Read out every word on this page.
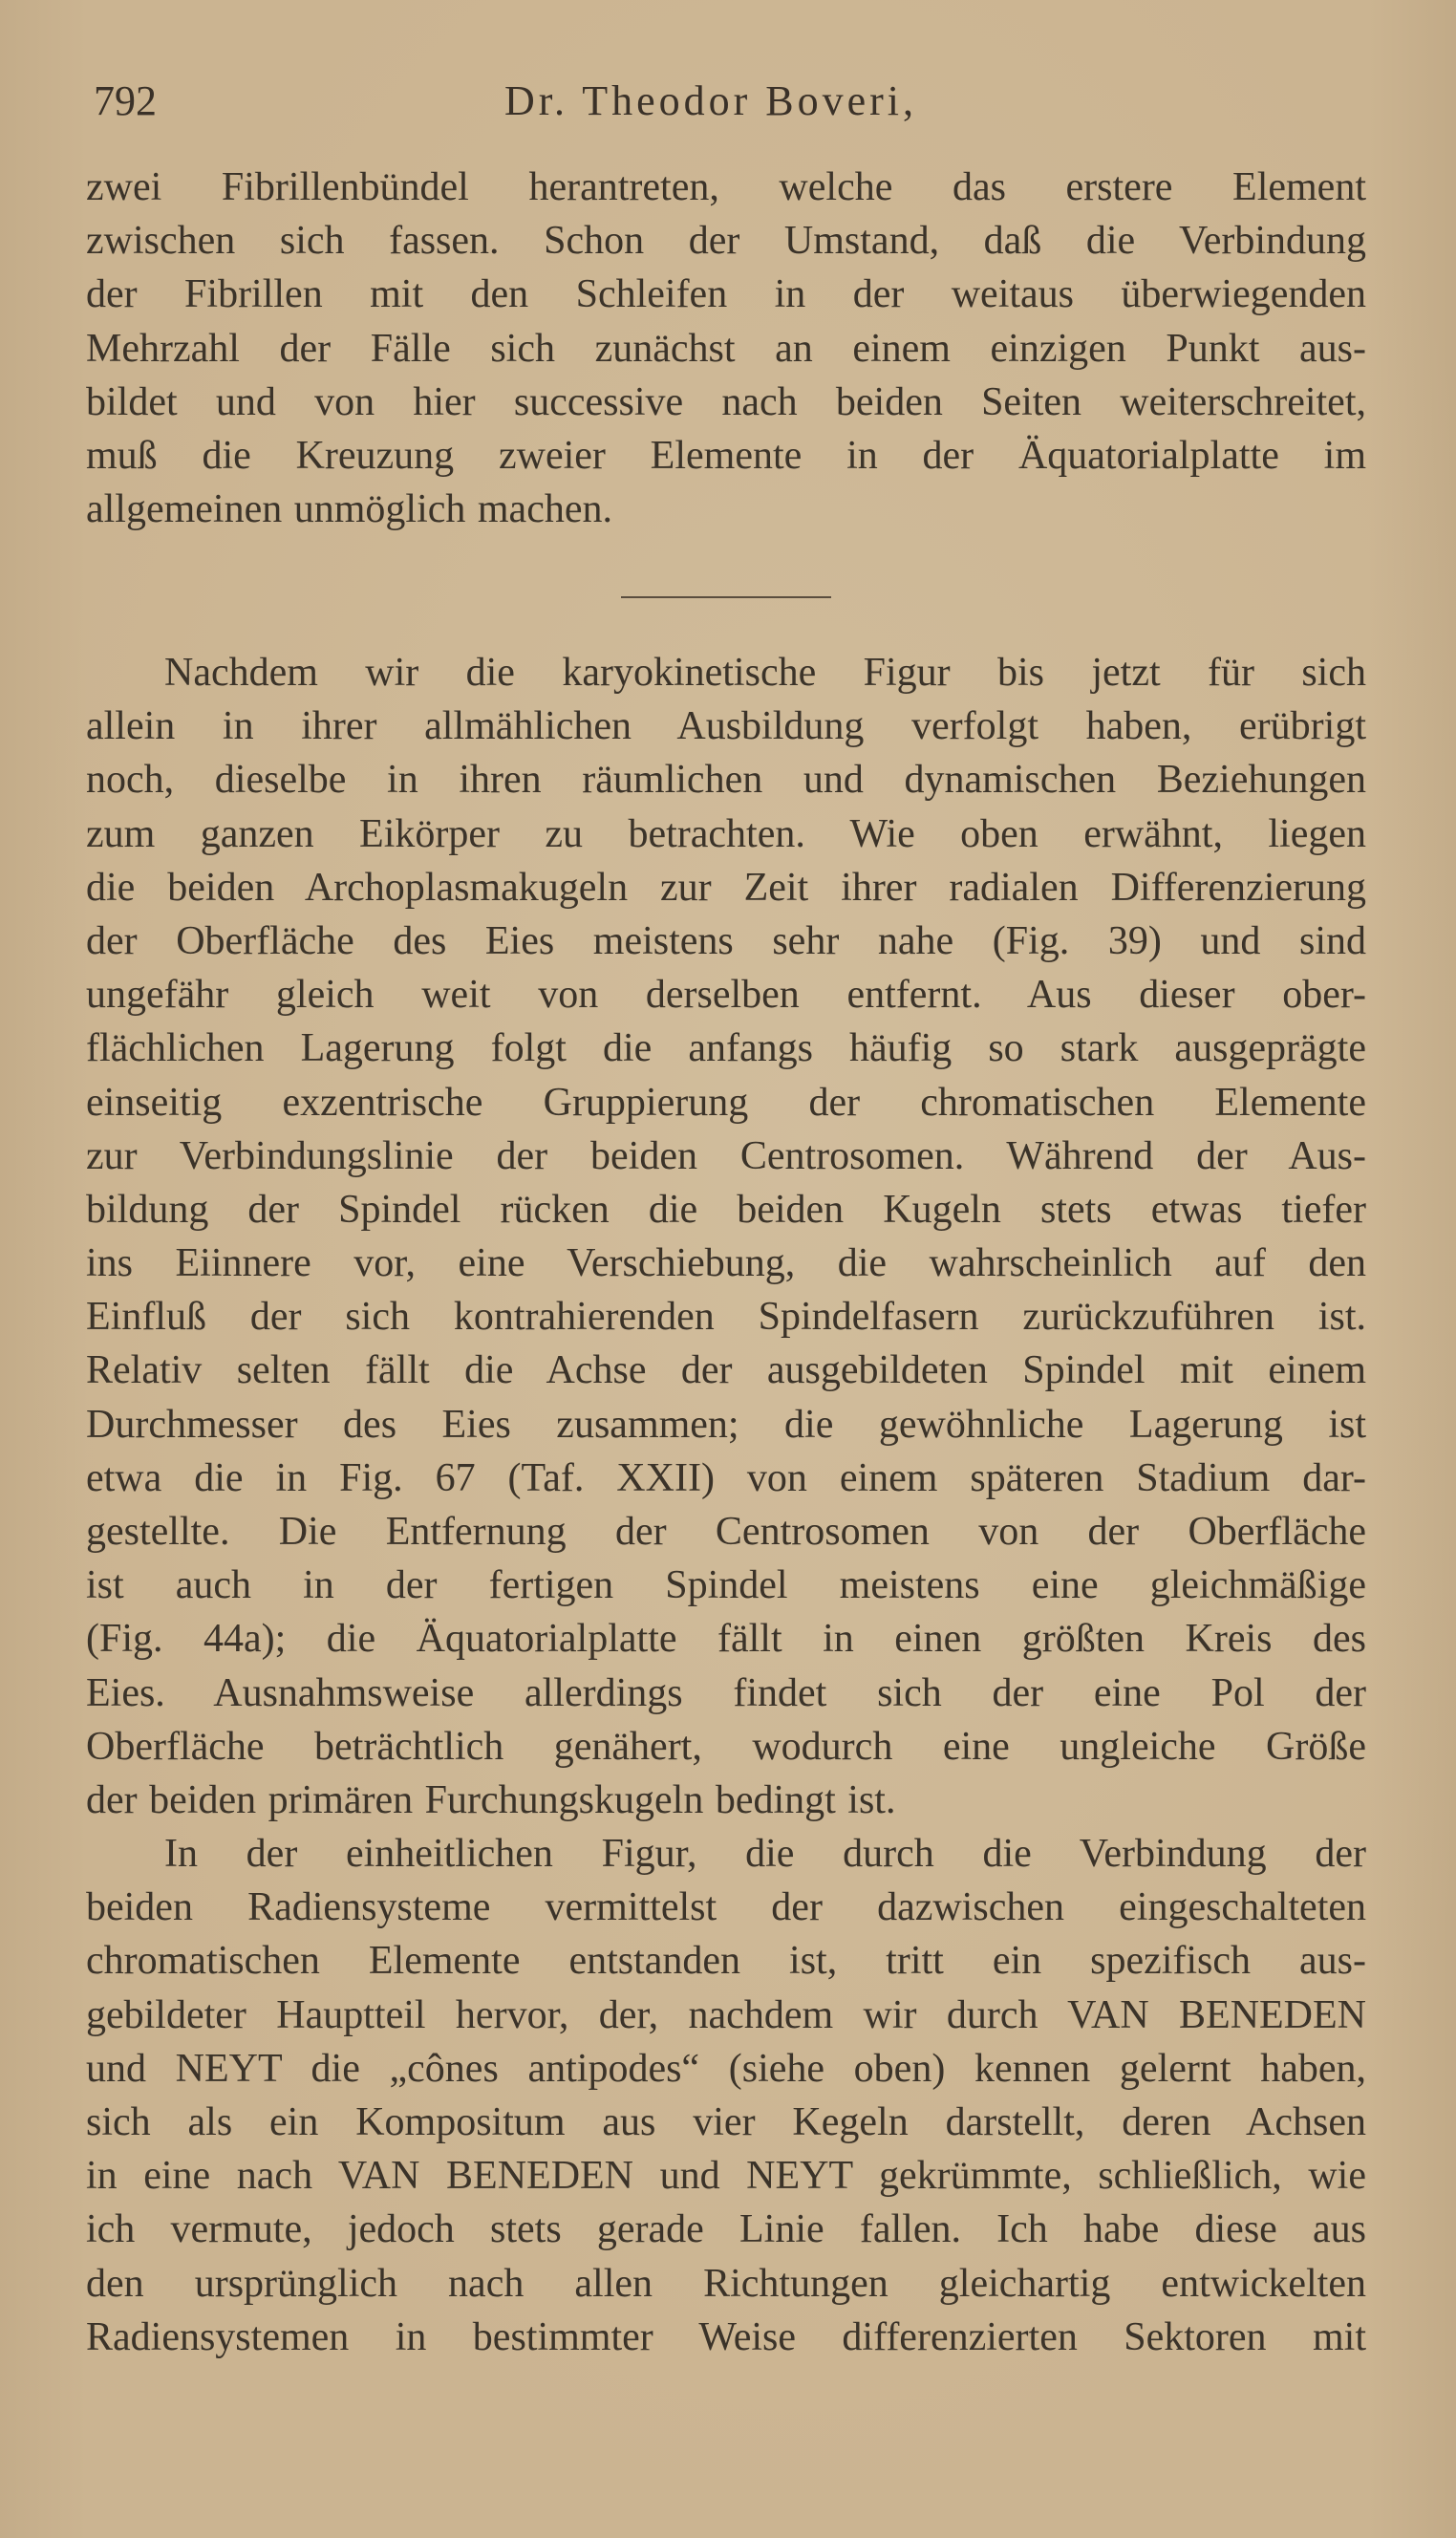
792	Dr. Theodor Boveri,
zwei Fibrillenbündel herantreten, welche das erstere Element
zwischen sich fassen. Schon der Umstand, daß die Verbindung
der Fibrillen mit den Schleifen in der weitaus überwiegenden
Mehrzahl der Fälle sich zunächst an einem einzigen Punkt aus-
bildet und von hier successive nach beiden Seiten weiterschreitet,
muß die Kreuzung zweier Elemente in der Äquatorialplatte im
allgemeinen unmöglich machen.
Nachdem wir die karyokinetische Figur bis jetzt für sich
allein in ihrer allmählichen Ausbildung verfolgt haben, erübrigt
noch, dieselbe in ihren räumlichen und dynamischen Beziehungen
zum ganzen Eikörper zu betrachten. Wie oben erwähnt, liegen
die beiden Archoplasmakugeln zur Zeit ihrer radialen Differenzierung
der Oberfläche des Eies meistens sehr nahe (Fig. 39) und sind
ungefähr gleich weit von derselben entfernt. Aus dieser ober-
flächlichen Lagerung folgt die anfangs häufig so stark ausgeprägte
einseitig exzentrische Gruppierung der chromatischen Elemente
zur Verbindungslinie der beiden Centrosomen. Während der Aus-
bildung der Spindel rücken die beiden Kugeln stets etwas tiefer
ins Eiinnere vor, eine Verschiebung, die wahrscheinlich auf den
Einfluß der sich kontrahierenden Spindelfasern zurückzuführen ist.
Relativ selten fällt die Achse der ausgebildeten Spindel mit einem
Durchmesser des Eies zusammen; die gewöhnliche Lagerung ist
etwa die in Fig. 67 (Taf. XXII) von einem späteren Stadium dar-
gestellte. Die Entfernung der Centrosomen von der Oberfläche
ist auch in der fertigen Spindel meistens eine gleichmäßige
(Fig. 44a); die Äquatorialplatte fällt in einen größten Kreis des
Eies. Ausnahmsweise allerdings findet sich der eine Pol der
Oberfläche beträchtlich genähert, wodurch eine ungleiche Größe
der beiden primären Furchungskugeln bedingt ist.
In der einheitlichen Figur, die durch die Verbindung der
beiden Radiensysteme vermittelst der dazwischen eingeschalteten
chromatischen Elemente entstanden ist, tritt ein spezifisch aus-
gebildeter Hauptteil hervor, der, nachdem wir durch VAN BENEDEN
und NEYT die „cônes antipodes“ (siehe oben) kennen gelernt haben,
sich als ein Kompositum aus vier Kegeln darstellt, deren Achsen
in eine nach VAN BENEDEN und NEYT gekrümmte, schließlich, wie
ich vermute, jedoch stets gerade Linie fallen. Ich habe diese aus
den ursprünglich nach allen Richtungen gleichartig entwickelten
Radiensystemen in bestimmter Weise differenzierten Sektoren mit
